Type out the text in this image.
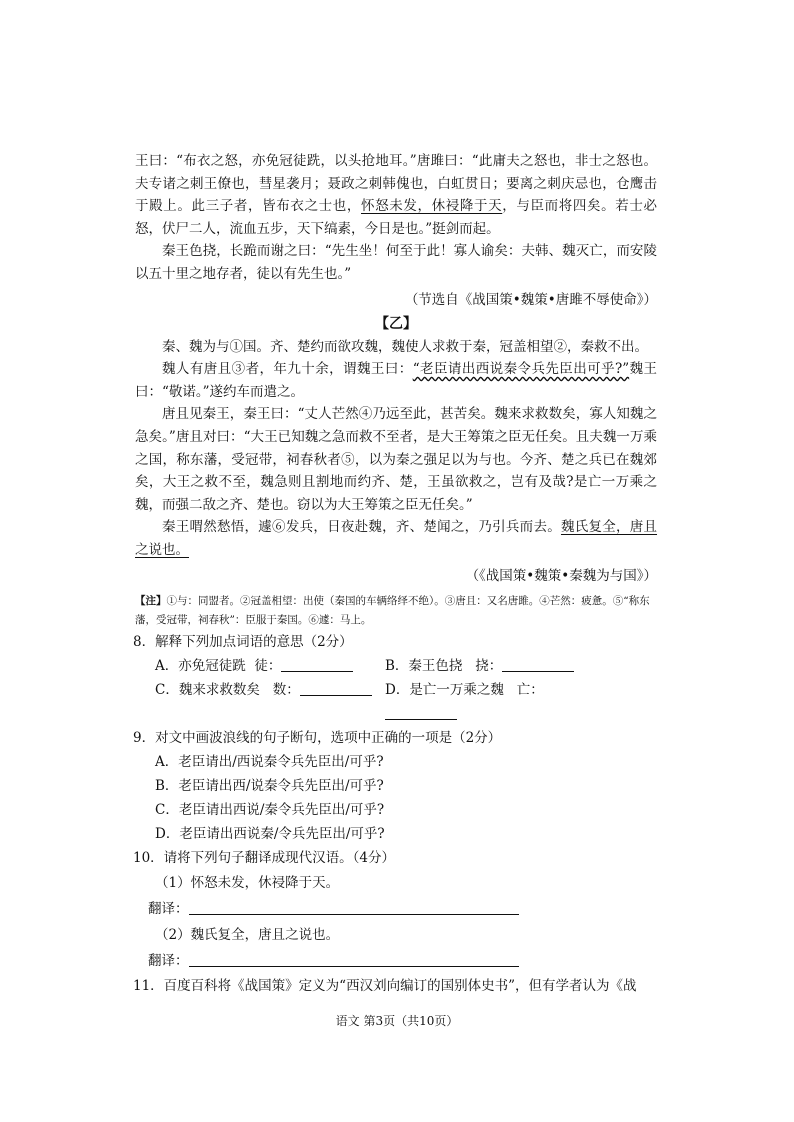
王曰：“布衣之怒，亦免冠徒跣，以头抢地耳。”唐雎曰：“此庸夫之怒也，非士之怒也。夫专诸之刺王僚也，彗星袭月；聂政之刺韩傀也，白虹贯日；要离之刺庆忌也，仓鹰击于殿上。此三子者，皆布衣之士也，怀怒未发，休祲降于天，与臣而将四矣。若士必怒，伏尸二人，流血五步，天下缟素，今日是也。”挺剑而起。

秦王色挠，长跪而谢之曰：“先生坐！何至于此！寡人谕矣：夫韩、魏灭亡，而安陵以五十里之地存者，徒以有先生也。”

（节选自《战国策•魏策•唐雎不辱使命》）

【乙】

秦、魏为与①国。齐、楚约而欲攻魏，魏使人求救于秦，冠盖相望②，秦救不出。

魏人有唐且③者，年九十余，谓魏王曰：“老臣请出西说秦令兵先臣出可乎?”魏王曰：“敬诺。”遂约车而遣之。

唐且见秦王，秦王曰：“丈人芒然④乃远至此，甚苦矣。魏来求救数矣，寡人知魏之急矣。”唐且对曰：“大王已知魏之急而救不至者，是大王筹策之臣无任矣。且夫魏一万乘之国，称东藩，受冠带，祠春秋者⑤，以为秦之强足以为与也。今齐、楚之兵已在魏郊矣，大王之救不至，魏急则且割地而约齐、楚，王虽欲救之，岂有及哉?是亡一万乘之魏，而强二敌之齐、楚也。窃以为大王筹策之臣无任矣。”

秦王喟然愁悟，遽⑥发兵，日夜赴魏，齐、楚闻之，乃引兵而去。魏氏复全，唐且之说也。

（《战国策•魏策•秦魏为与国》）

【注】①与：同盟者。②冠盖相望：出使（秦国的车辆络绎不绝）。③唐且：又名唐雎。④芒然：疲惫。⑤“称东藩，受冠带，祠春秋”：臣服于秦国。⑥遽：马上。

8．解释下列加点词语的意思（2分）

A．亦免冠徒跣 徒：	B．秦王色挠 挠：
C．魏来求救数矣 数：	D．是亡一万乘之魏 亡：

9．对文中画波浪线的句子断句，选项中正确的一项是（2分）

A．老臣请出/西说秦令兵先臣出/可乎?

B．老臣请出西/说秦令兵先臣出/可乎?

C．老臣请出西说/秦令兵先臣出/可乎?

D．老臣请出西说秦/令兵先臣出/可乎?

10．请将下列句子翻译成现代汉语。（4分）

（1）怀怒未发，休祲降于天。

翻译：

（2）魏氏复全，唐且之说也。

翻译：

11．百度百科将《战国策》定义为“西汉刘向编订的国别体史书”，但有学者认为《战

语文 第3页（共10页）
